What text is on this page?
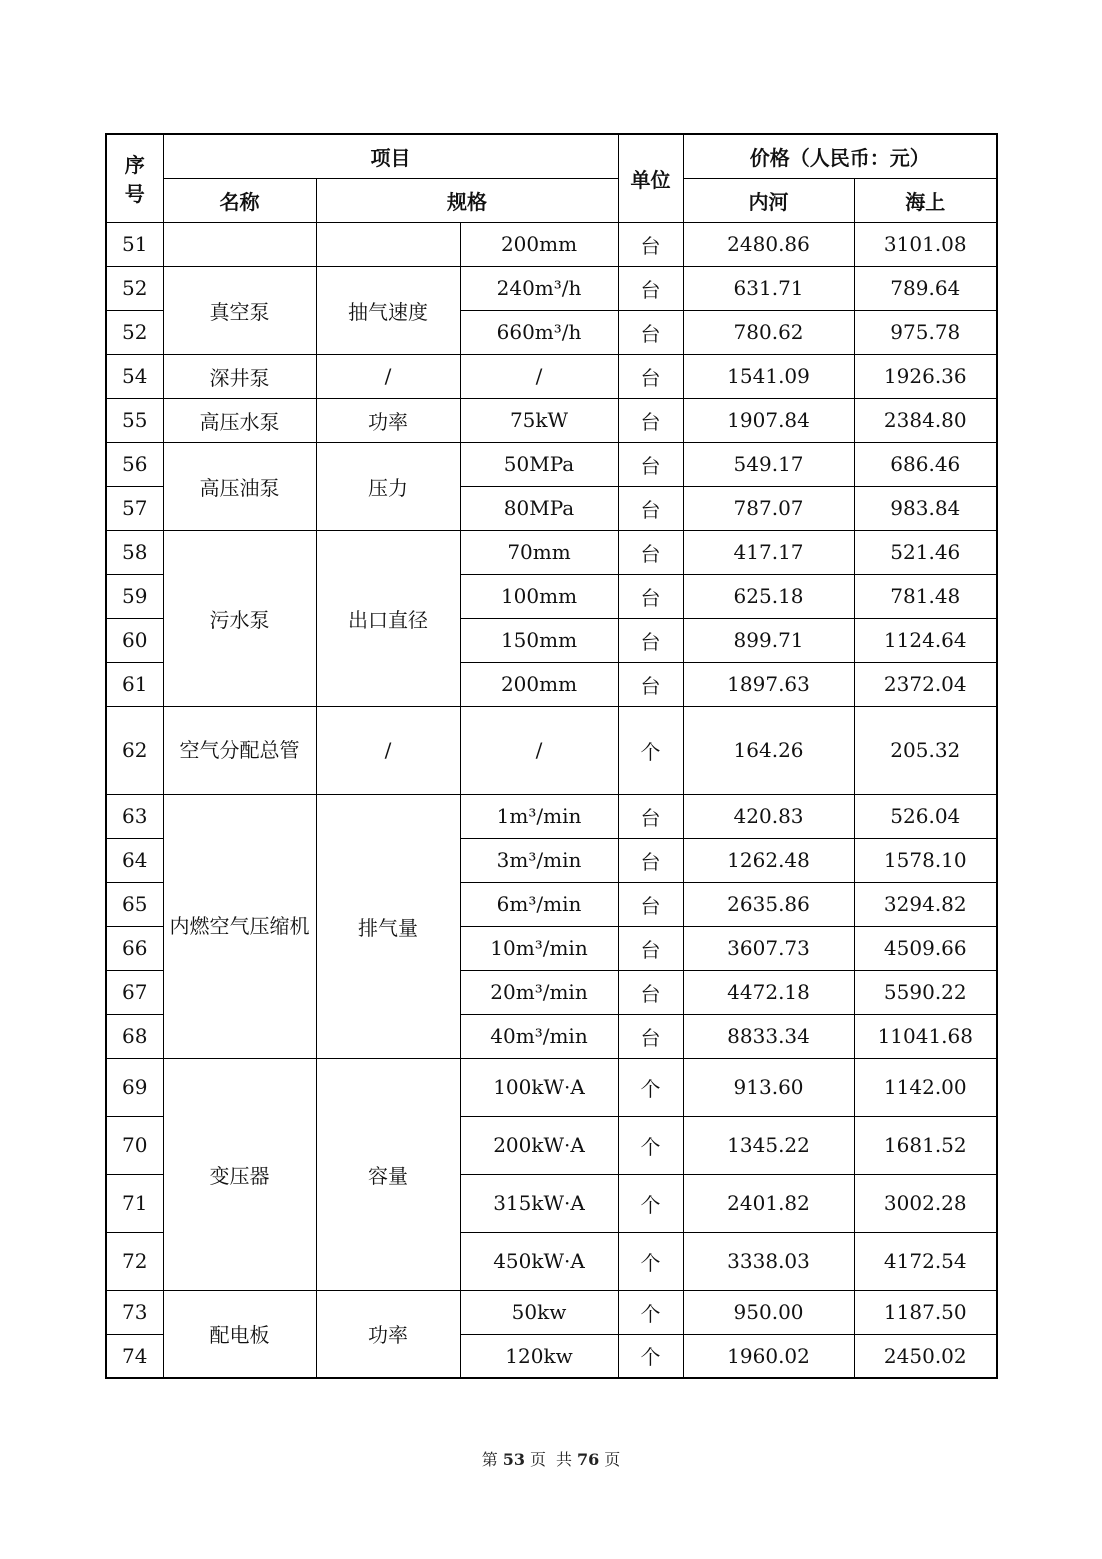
序
号	项目			单位	价格（人民币：元）	
	名称	规格			内河	海上
51			200mm	台	2480.86	3101.08
52	真空泵	抽气速度	240m³/h	台	631.71	789.64
52			660m³/h	台	780.62	975.78
54	深井泵	/	/	台	1541.09	1926.36
55	高压水泵	功率	75kW	台	1907.84	2384.80
56	高压油泵	压力	50MPa	台	549.17	686.46
57			80MPa	台	787.07	983.84
58	污水泵	出口直径	70mm	台	417.17	521.46
59			100mm	台	625.18	781.48
60			150mm	台	899.71	1124.64
61			200mm	台	1897.63	2372.04
62	空气分配总管	/	/	个	164.26	205.32
63	内燃空气压缩机	排气量	1m³/min	台	420.83	526.04
64			3m³/min	台	1262.48	1578.10
65			6m³/min	台	2635.86	3294.82
66			10m³/min	台	3607.73	4509.66
67			20m³/min	台	4472.18	5590.22
68			40m³/min	台	8833.34	11041.68
69	变压器	容量	100kW·A	个	913.60	1142.00
70			200kW·A	个	1345.22	1681.52
71			315kW·A	个	2401.82	3002.28
72			450kW·A	个	3338.03	4172.54
73	配电板	功率	50kw	个	950.00	1187.50
74			120kw	个	1960.02	2450.02
第 53 页 共 76 页
